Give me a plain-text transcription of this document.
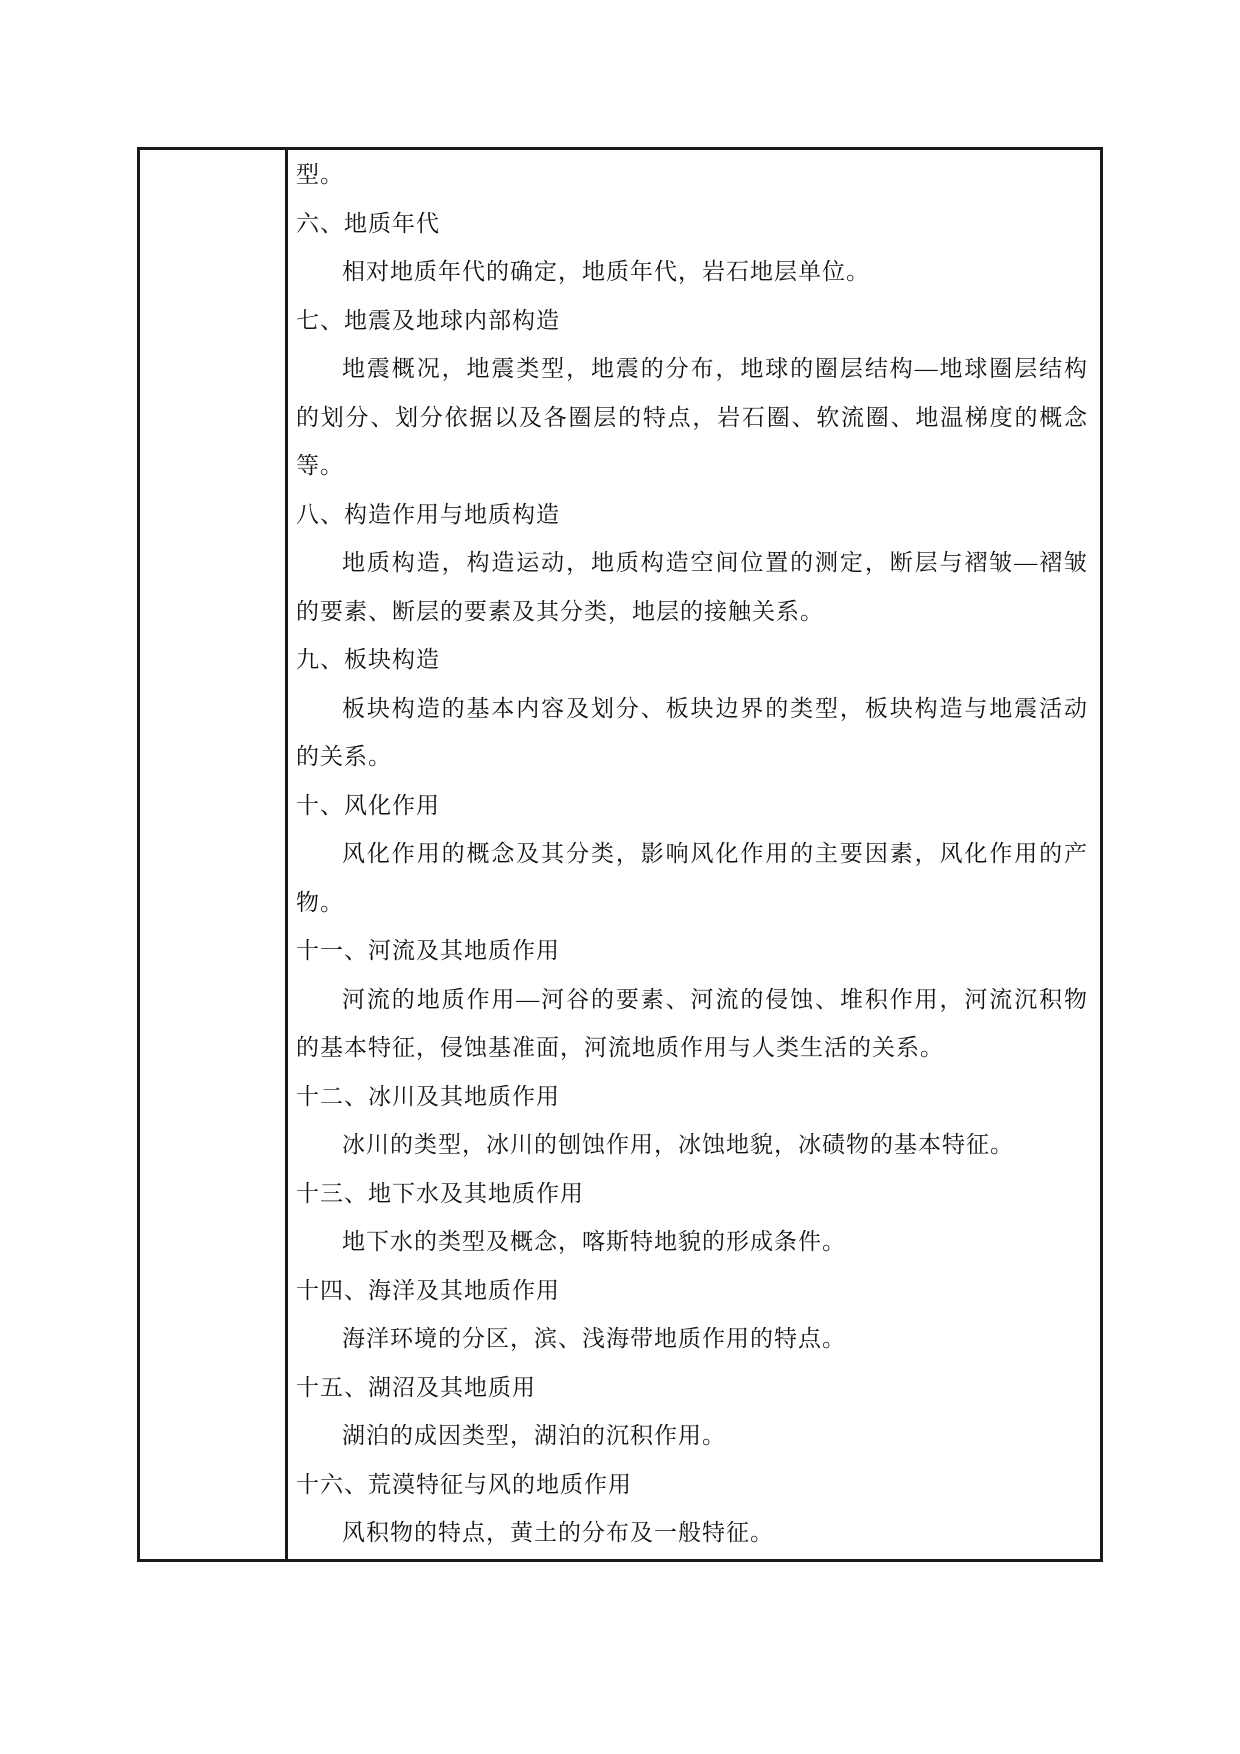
型。
六、地质年代
相对地质年代的确定，地质年代，岩石地层单位。
七、地震及地球内部构造
地震概况，地震类型，地震的分布，地球的圈层结构—地球圈层结构
的划分、划分依据以及各圈层的特点，岩石圈、软流圈、地温梯度的概念
等。
八、构造作用与地质构造
地质构造，构造运动，地质构造空间位置的测定，断层与褶皱—褶皱
的要素、断层的要素及其分类，地层的接触关系。
九、板块构造
板块构造的基本内容及划分、板块边界的类型，板块构造与地震活动
的关系。
十、风化作用
风化作用的概念及其分类，影响风化作用的主要因素，风化作用的产
物。
十一、河流及其地质作用
河流的地质作用—河谷的要素、河流的侵蚀、堆积作用，河流沉积物
的基本特征，侵蚀基准面，河流地质作用与人类生活的关系。
十二、冰川及其地质作用
冰川的类型，冰川的刨蚀作用，冰蚀地貌，冰碛物的基本特征。
十三、地下水及其地质作用
地下水的类型及概念，喀斯特地貌的形成条件。
十四、海洋及其地质作用
海洋环境的分区，滨、浅海带地质作用的特点。
十五、湖沼及其地质用
湖泊的成因类型，湖泊的沉积作用。
十六、荒漠特征与风的地质作用
风积物的特点，黄土的分布及一般特征。
